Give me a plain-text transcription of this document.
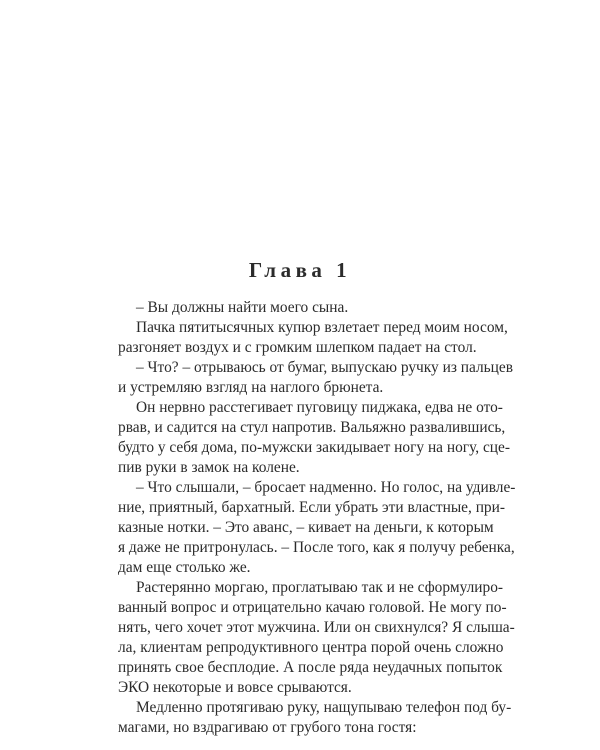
Глава 1
– Вы должны найти моего сына.
Пачка пятитысячных купюр взлетает перед моим носом,
разгоняет воздух и с громким шлепком падает на стол.
– Что? – отрываюсь от бумаг, выпускаю ручку из пальцев
и устремляю взгляд на наглого брюнета.
Он нервно расстегивает пуговицу пиджака, едва не ото-
рвав, и садится на стул напротив. Вальяжно развалившись,
будто у себя дома, по-мужски закидывает ногу на ногу, сце-
пив руки в замок на колене.
– Что слышали, – бросает надменно. Но голос, на удивле-
ние, приятный, бархатный. Если убрать эти властные, при-
казные нотки. – Это аванс, – кивает на деньги, к которым
я даже не притронулась. – После того, как я получу ребенка,
дам еще столько же.
Растерянно моргаю, проглатываю так и не сформулиро-
ванный вопрос и отрицательно качаю головой. Не могу по-
нять, чего хочет этот мужчина. Или он свихнулся? Я слыша-
ла, клиентам репродуктивного центра порой очень сложно
принять свое бесплодие. А после ряда неудачных попыток
ЭКО некоторые и вовсе срываются.
Медленно протягиваю руку, нащупываю телефон под бу-
магами, но вздрагиваю от грубого тона гостя:
